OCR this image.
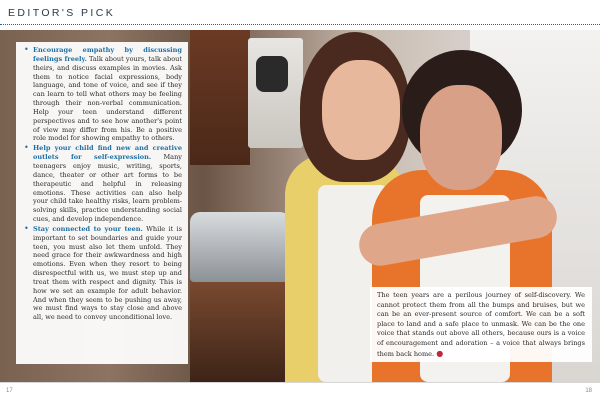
EDITOR'S PICK
• Encourage empathy by discussing feelings freely. Talk about yours, talk about theirs, and discuss examples in movies. Ask them to notice facial expressions, body language, and tone of voice, and see if they can learn to tell what others may be feeling through their non-verbal communication. Help your teen understand different perspectives and to see how another's point of view may differ from his. Be a positive role model for showing empathy to others.
• Help your child find new and creative outlets for self-expression. Many teenagers enjoy music, writing, sports, dance, theater or other art forms to be therapeutic and helpful in releasing emotions. These activities can also help your child take healthy risks, learn problem-solving skills, practice understanding social cues, and develop independence.
• Stay connected to your teen. While it is important to set boundaries and guide your teen, you must also let them unfold. They need grace for their awkwardness and high emotions. Even when they resort to being disrespectful with us, we must step up and treat them with respect and dignity. This is how we set an example for adult behavior. And when they seem to be pushing us away, we must find ways to stay close and above all, we need to convey unconditional love.

The teen years are a perilous journey of self-discovery. We cannot protect them from all the bumps and bruises, but we can be an ever-present source of comfort. We can be a soft place to land and a safe place to unmask. We can be the one voice that stands out above all others, because ours is a voice of encouragement and adoration – a voice that always brings them back home. ●

17	18
